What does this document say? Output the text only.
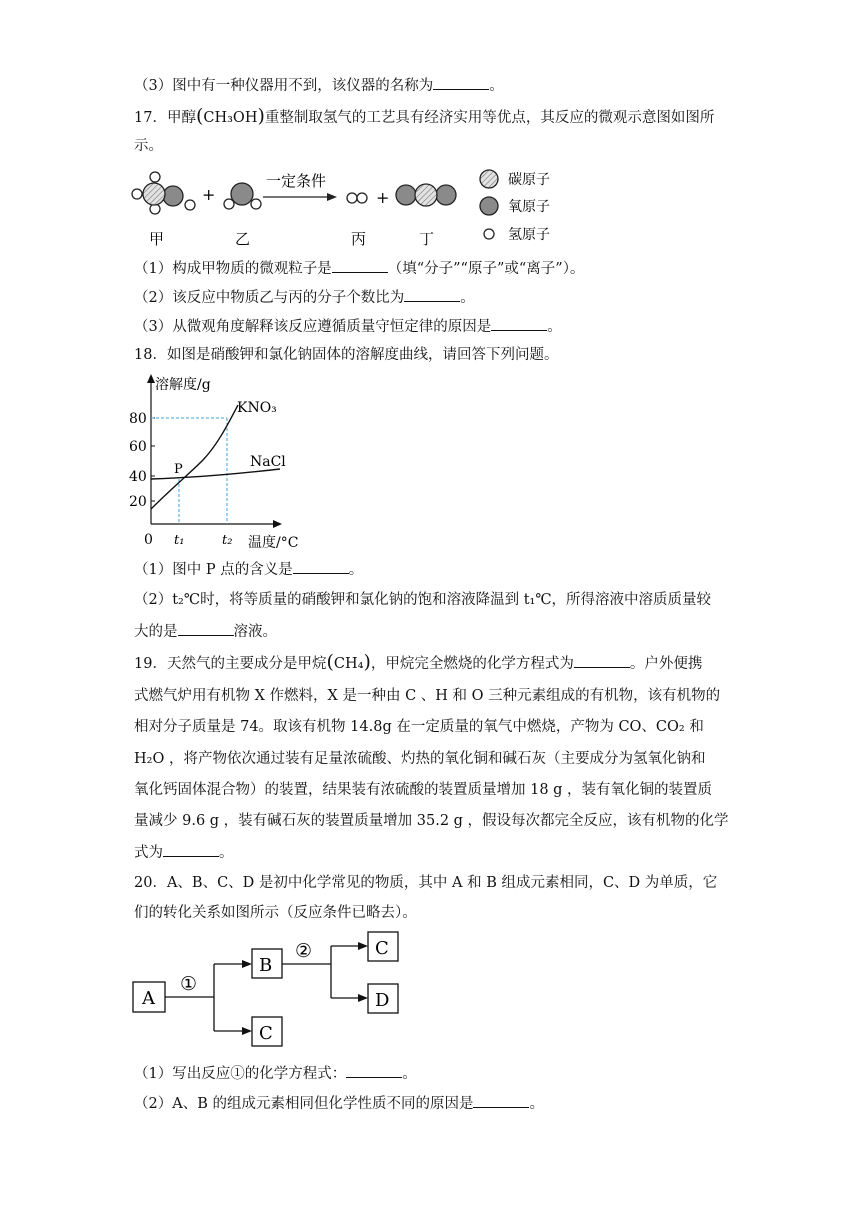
（3）图中有一种仪器用不到，该仪器的名称为	。
17．甲醇(CH₃OH)重整制取氢气的工艺具有经济实用等优点，其反应的微观示意图如图所
示。
+
一定条件
+
甲	乙	丙	丁
碳原子
氧原子
氢原子
（1）构成甲物质的微观粒子是	（填“分子”“原子”或“离子”）。
（2）该反应中物质乙与丙的分子个数比为	。
（3）从微观角度解释该反应遵循质量守恒定律的原因是	。
18．如图是硝酸钾和氯化钠固体的溶解度曲线，请回答下列问题。
溶解度/g
温度/°C
0
20
40
60
80
KNO₃
NaCl
P
t₁	t₂
（1）图中 P 点的含义是	。
（2）t₂℃时，将等质量的硝酸钾和氯化钠的饱和溶液降温到 t₁℃，所得溶液中溶质质量较
大的是	溶液。
19．天然气的主要成分是甲烷(CH₄)，甲烷完全燃烧的化学方程式为	。户外便携
式燃气炉用有机物 X 作燃料，X 是一种由 C 、H 和 O 三种元素组成的有机物，该有机物的
相对分子质量是 74。取该有机物 14.8g 在一定质量的氧气中燃烧，产物为 CO、CO₂ 和
H₂O ，将产物依次通过装有足量浓硫酸、灼热的氧化铜和碱石灰（主要成分为氢氧化钠和
氧化钙固体混合物）的装置，结果装有浓硫酸的装置质量增加 18 g ，装有氧化铜的装置质
量减少 9.6 g ，装有碱石灰的装置质量增加 35.2 g ，假设每次都完全反应，该有机物的化学
式为	。
20．A、B、C、D 是初中化学常见的物质，其中 A 和 B 组成元素相同，C、D 为单质，它
们的转化关系如图所示（反应条件已略去）。
A
B
C
C
D
①
②
（1）写出反应①的化学方程式：	。
（2）A、B 的组成元素相同但化学性质不同的原因是	。
